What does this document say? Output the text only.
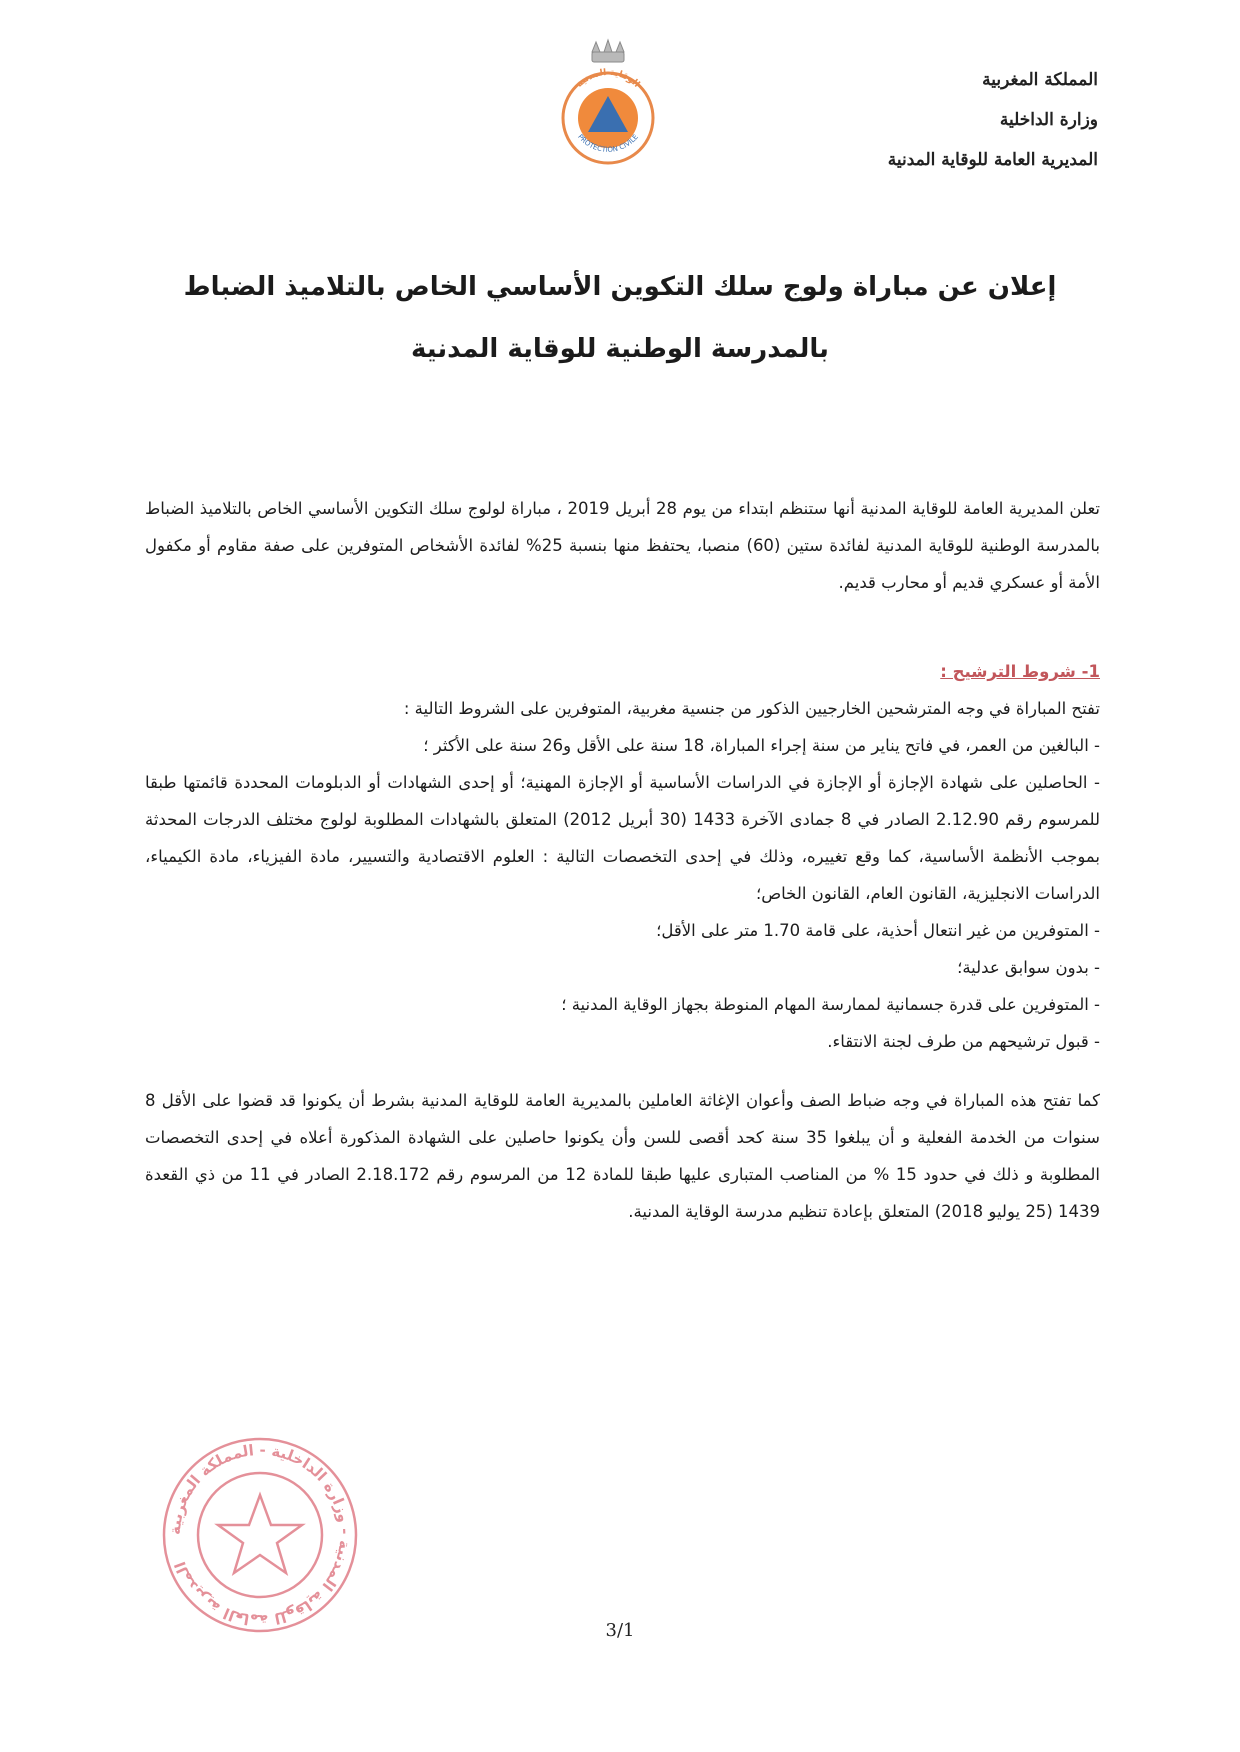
المملكة المغربية
وزارة الداخلية
المديرية العامة للوقاية المدنية
الوقاية المدنية
PROTECTION CIVILE
إعلان عن مباراة ولوج سلك التكوين الأساسي الخاص بالتلاميذ الضباط
بالمدرسة الوطنية للوقاية المدنية

تعلن المديرية العامة للوقاية المدنية أنها ستنظم ابتداء من يوم 28 أبريل 2019 ، مباراة لولوج سلك التكوين الأساسي الخاص بالتلاميذ الضباط بالمدرسة الوطنية للوقاية المدنية لفائدة ستين (60) منصبا، يحتفظ منها بنسبة 25% لفائدة الأشخاص المتوفرين على صفة مقاوم أو مكفول الأمة أو عسكري قديم أو محارب قديم.

1- شروط الترشيح :

تفتح المباراة في وجه المترشحين الخارجيين الذكور من جنسية مغربية، المتوفرين على الشروط التالية :

- البالغين من العمر، في فاتح يناير من سنة إجراء المباراة، 18 سنة على الأقل و26 سنة على الأكثر ؛

- الحاصلين على شهادة الإجازة أو الإجازة في الدراسات الأساسية أو الإجازة المهنية؛ أو إحدى الشهادات أو الدبلومات المحددة قائمتها طبقا للمرسوم رقم 2.12.90 الصادر في 8 جمادى الآخرة 1433 (30 أبريل 2012) المتعلق بالشهادات المطلوبة لولوج مختلف الدرجات المحدثة بموجب الأنظمة الأساسية، كما وقع تغييره، وذلك في إحدى التخصصات التالية : العلوم الاقتصادية والتسيير، مادة الفيزياء، مادة الكيمياء، الدراسات الانجليزية، القانون العام، القانون الخاص؛

- المتوفرين من غير انتعال أحذية، على قامة 1.70 متر على الأقل؛

- بدون سوابق عدلية؛

- المتوفرين على قدرة جسمانية لممارسة المهام المنوطة بجهاز الوقاية المدنية ؛

- قبول ترشيحهم من طرف لجنة الانتقاء.

كما تفتح هذه المباراة في وجه ضباط الصف وأعوان الإغاثة العاملين بالمديرية العامة للوقاية المدنية بشرط أن يكونوا قد قضوا على الأقل 8 سنوات من الخدمة الفعلية و أن يبلغوا 35 سنة كحد أقصى للسن وأن يكونوا حاصلين على الشهادة المذكورة أعلاه في إحدى التخصصات المطلوبة و ذلك في حدود 15 % من المناصب المتبارى عليها طبقا للمادة 12 من المرسوم رقم 2.18.172 الصادر في 11 من ذي القعدة 1439 (25 يوليو 2018) المتعلق بإعادة تنظيم مدرسة الوقاية المدنية.

المديرية العامة للوقاية المدنية - وزارة الداخلية - المملكة المغربية
3/1
